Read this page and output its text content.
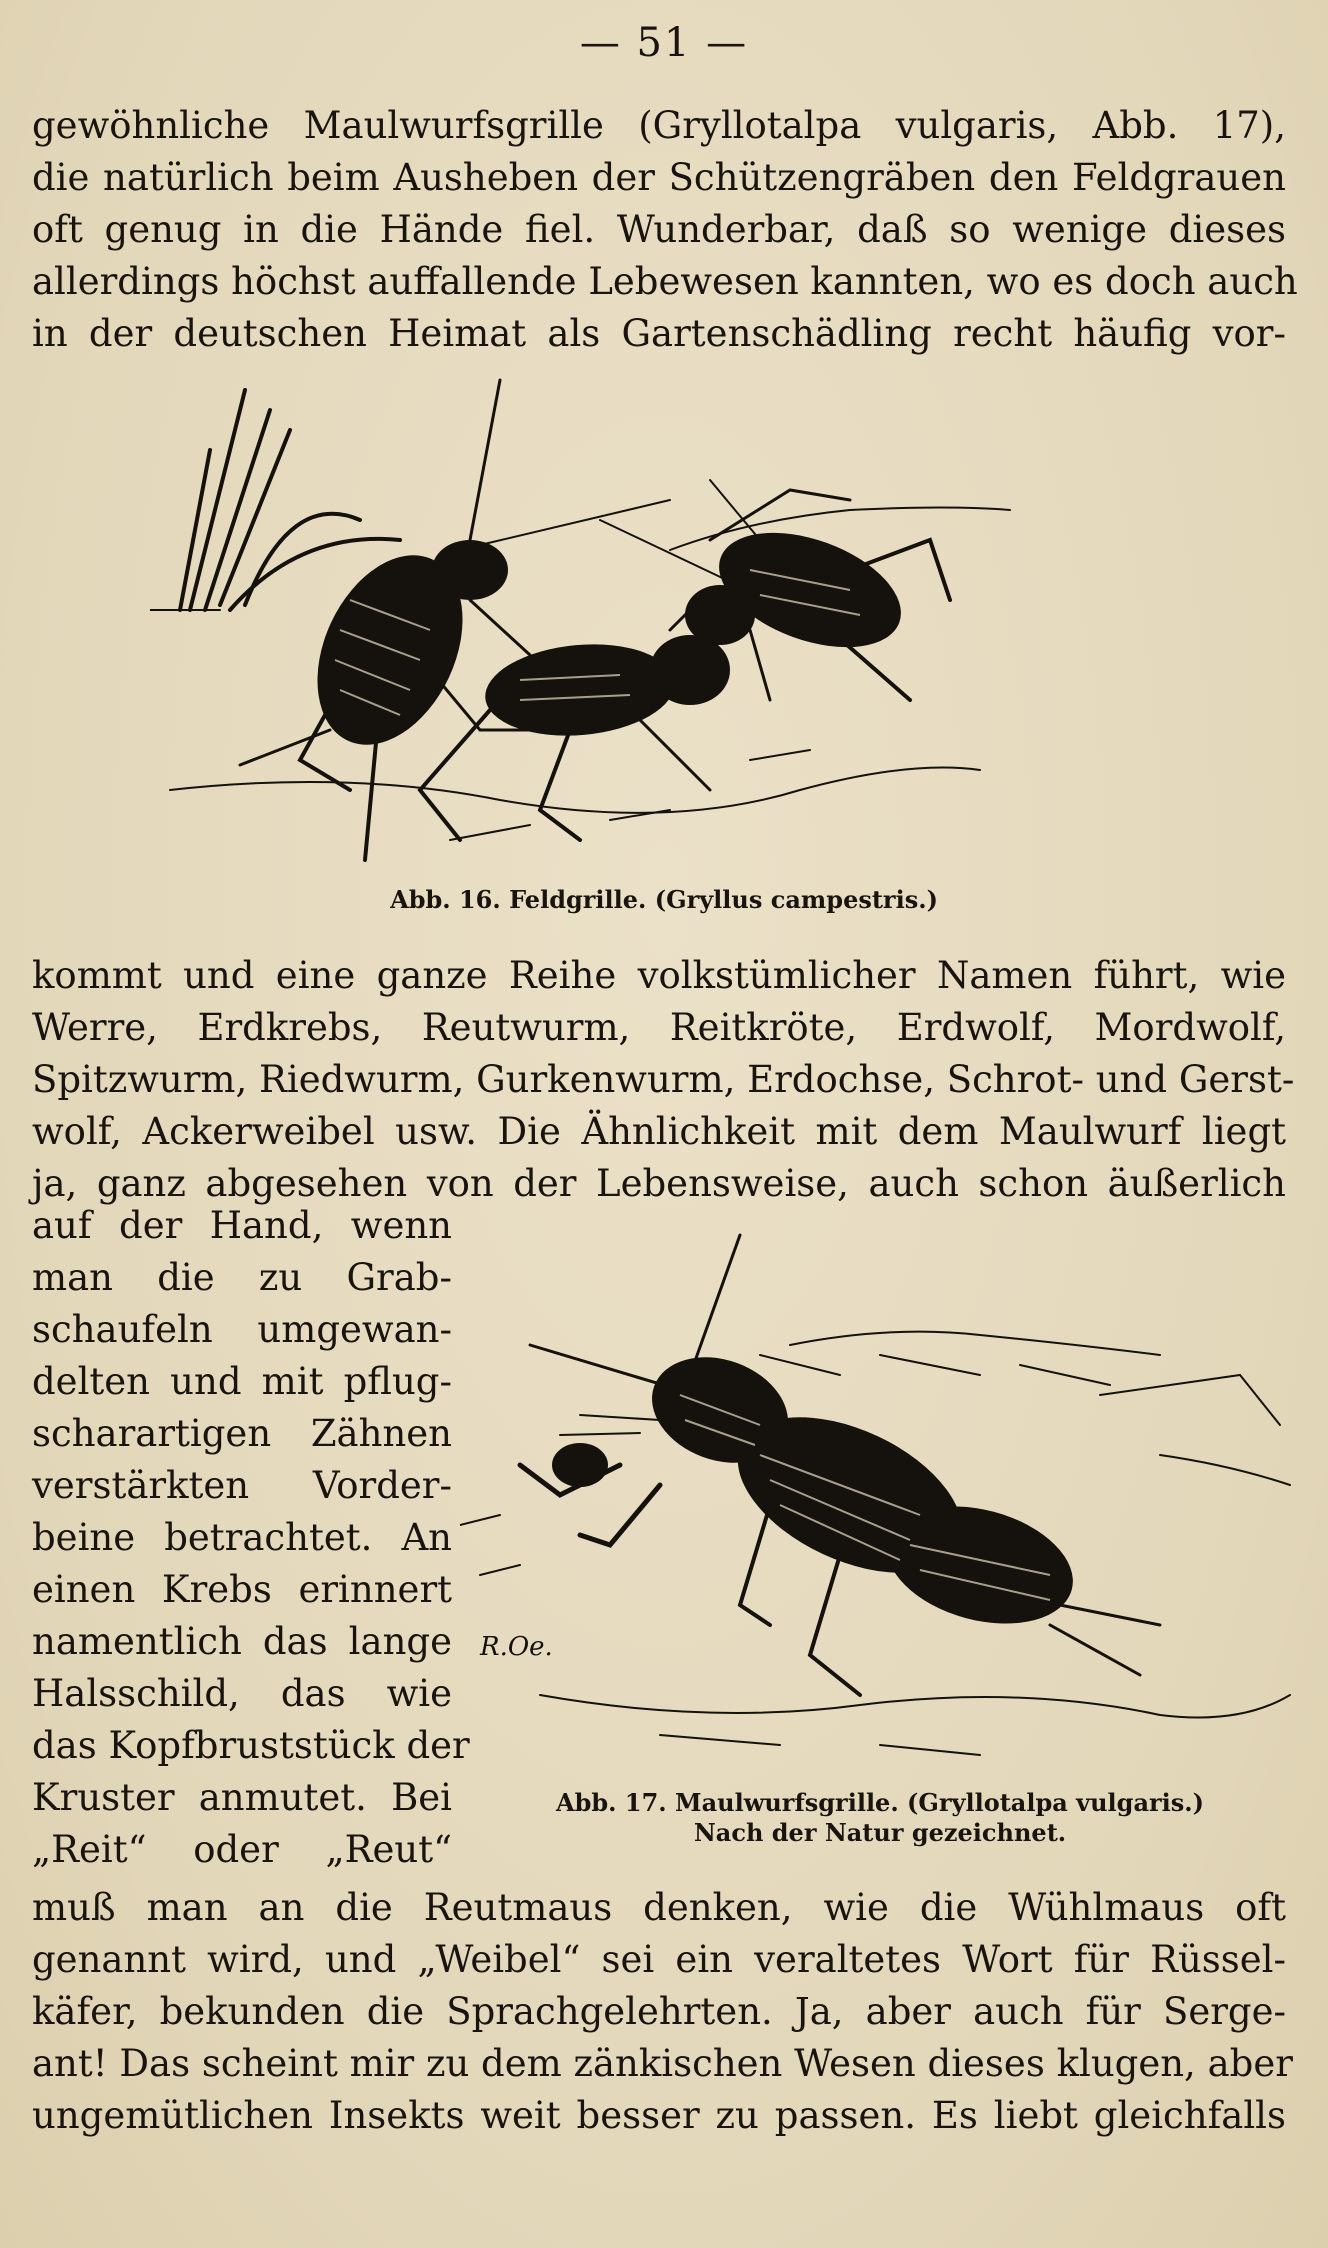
— 51 —
gewöhnliche Maulwurfsgrille (Gryllotalpa vulgaris, Abb. 17),
die natürlich beim Ausheben der Schützengräben den Feldgrauen
oft genug in die Hände fiel. Wunderbar, daß so wenige dieses
allerdings höchst auffallende Lebewesen kannten, wo es doch auch
in der deutschen Heimat als Gartenschädling recht häufig vor-
Abb. 16. Feldgrille. (Gryllus campestris.)
kommt und eine ganze Reihe volkstümlicher Namen führt, wie
Werre, Erdkrebs, Reutwurm, Reitkröte, Erdwolf, Mordwolf,
Spitzwurm, Riedwurm, Gurkenwurm, Erdochse, Schrot- und Gerst-
wolf, Ackerweibel usw. Die Ähnlichkeit mit dem Maulwurf liegt
ja, ganz abgesehen von der Lebensweise, auch schon äußerlich
auf der Hand, wenn
man die zu Grab-
schaufeln umgewan-
delten und mit pflug-
scharartigen Zähnen
verstärkten Vorder-
beine betrachtet. An
einen Krebs erinnert
namentlich das lange
Halsschild, das wie
das Kopfbruststück der
Kruster anmutet. Bei
„Reit“ oder „Reut“
R.Oe.
Abb. 17. Maulwurfsgrille. (Gryllotalpa vulgaris.)
Nach der Natur gezeichnet.
muß man an die Reutmaus denken, wie die Wühlmaus oft
genannt wird, und „Weibel“ sei ein veraltetes Wort für Rüssel-
käfer, bekunden die Sprachgelehrten. Ja, aber auch für Serge-
ant! Das scheint mir zu dem zänkischen Wesen dieses klugen, aber
ungemütlichen Insekts weit besser zu passen. Es liebt gleichfalls
